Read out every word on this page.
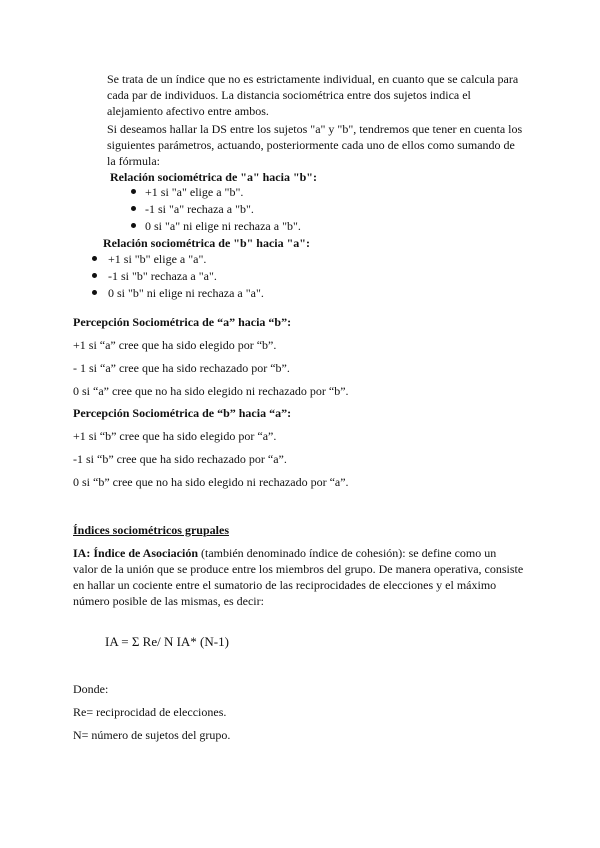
Se trata de un índice que no es estrictamente individual, en cuanto que se calcula para
cada par de individuos. La distancia sociométrica entre dos sujetos indica el
alejamiento afectivo entre ambos.
Si deseamos hallar la DS entre los sujetos "a" y "b", tendremos que tener en cuenta los
siguientes parámetros, actuando, posteriormente cada uno de ellos como sumando de
la fórmula:
Relación sociométrica de "a" hacia "b":
+1 si "a" elige a "b".
-1 si "a" rechaza a "b".
0 si "a" ni elige ni rechaza a "b".
Relación sociométrica de "b" hacia "a":
+1 si "b" elige a "a".
-1 si "b" rechaza a "a".
0 si "b" ni elige ni rechaza a "a".
Percepción Sociométrica de “a” hacia “b”:
+1 si “a” cree que ha sido elegido por “b”.
- 1 si “a” cree que ha sido rechazado por “b”.
0 si “a” cree que no ha sido elegido ni rechazado por “b”.
Percepción Sociométrica de “b” hacia “a”:
+1 si “b” cree que ha sido elegido por “a”.
-1 si “b” cree que ha sido rechazado por “a”.
0 si “b” cree que no ha sido elegido ni rechazado por “a”.
Índices sociométricos grupales
IA: Índice de Asociación (también denominado índice de cohesión): se define como un
valor de la unión que se produce entre los miembros del grupo. De manera operativa, consiste
en hallar un cociente entre el sumatorio de las reciprocidades de elecciones y el máximo
número posible de las mismas, es decir:
IA = Σ Re/ N IA* (N-1)
Donde:
Re= reciprocidad de elecciones.
N= número de sujetos del grupo.
